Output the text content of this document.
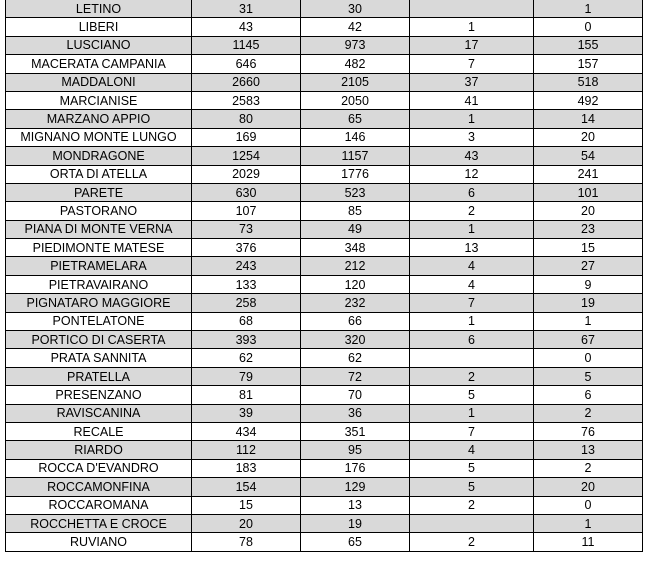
LETINO	31	30		1
LIBERI	43	42	1	0
LUSCIANO	1145	973	17	155
MACERATA CAMPANIA	646	482	7	157
MADDALONI	2660	2105	37	518
MARCIANISE	2583	2050	41	492
MARZANO APPIO	80	65	1	14
MIGNANO MONTE LUNGO	169	146	3	20
MONDRAGONE	1254	1157	43	54
ORTA DI ATELLA	2029	1776	12	241
PARETE	630	523	6	101
PASTORANO	107	85	2	20
PIANA DI MONTE VERNA	73	49	1	23
PIEDIMONTE MATESE	376	348	13	15
PIETRAMELARA	243	212	4	27
PIETRAVAIRANO	133	120	4	9
PIGNATARO MAGGIORE	258	232	7	19
PONTELATONE	68	66	1	1
PORTICO DI CASERTA	393	320	6	67
PRATA SANNITA	62	62		0
PRATELLA	79	72	2	5
PRESENZANO	81	70	5	6
RAVISCANINA	39	36	1	2
RECALE	434	351	7	76
RIARDO	112	95	4	13
ROCCA D'EVANDRO	183	176	5	2
ROCCAMONFINA	154	129	5	20
ROCCAROMANA	15	13	2	0
ROCCHETTA E CROCE	20	19		1
RUVIANO	78	65	2	11
